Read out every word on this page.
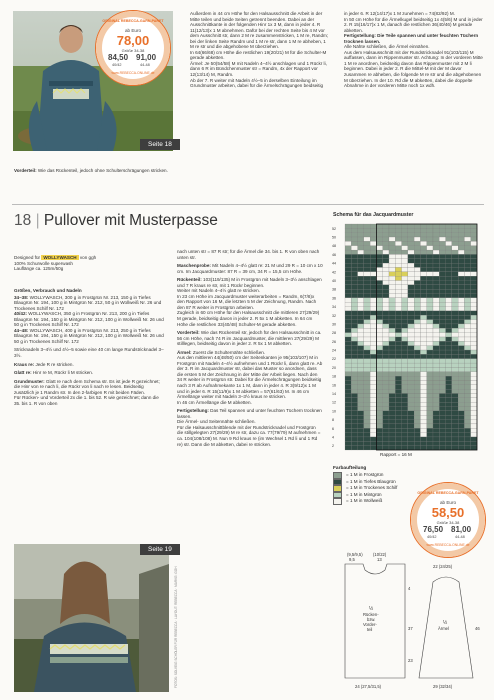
ORIGINAL REBECCA-GARN-PAKET
ab Euro
78,00
Größe 34-38
84,50 91,00
40/42	44-48
www.REBECCA-ONLINE.de
Seite 18

Vorderteil: Wie das Rückenteil, jedoch ohne Schulterschrägungen stricken.

Außerdem in 44 cm Höhe für den Halsausschnitt die Arbeit in der Mitte teilen und beide Seiten getrennt beenden. Dabei an der Ausschnittkante in der folgenden Hinr 1x 3 M, dann in jeder 4. R 11(12/13)x 1 M abnehmen. Dafür bei der rechten Seite bis 4 M vor dem Ausschnitt str, dann 2 M re zusammenstricken, 1 M re, Randm; bei der linken Seite Randm und 1 M re str, dann 1 M re abheben, 1 M re str und die abgehobene M überziehen.

In 64(66/68) cm Höhe die restlichen 19(20/21) M für die Schulter-M gerade abketten.

Ärmel: Je 50(54/58) M mit Nadeln 4–4½ anschlagen und 1 Rückr li, dann 6 R im Bündchenmuster str = Randm, 4x der Rapport vor 12(13/14) M, Randm.

Ab der 7. R weiter mit Nadeln 4½–5 in derselben Einteilung im Grundmuster arbeiten, dabei für die Ärmelschrägungen beidseitig

in jeder 6. R 12(14/17)x 1 M zunehmen = 74(82/92) M.

In 50 cm Höhe für die Ärmelkugel beidseitig 1x 4(5/6) M und in jeder 2. R 15(16/17)x 1 M, danach die restlichen 36(40/46) M gerade abketten.

Fertigstellung: Die Teile spannen und unter feuchten Tüchern trocknen lassen.

Alle Nähte schließen, die Ärmel einnähen.

Aus dem Halsausschnitt mit der Rundstricknadel 91(103/115) M auffassen, dann im Rippenmuster str. Achtung: In der vorderen Mitte 1 M re anordnen, beidseitig davon das Rippenmuster mit 2 M li beginnen. Dabei in jeder 2. R die Mittel-M mit der M davor zusammen re abheben, die folgende M re str und die abgehobenen M überziehen. In der 10. Rd die M abketten, dabei die doppelte Abnahme in der vorderen Mitte noch 1x wdh.

18 | Pullover mit Musterpasse

Designed für WOLLYWASCH von ggh

100% Schurwolle superwash

Lauflänge ca. 125m/50g

Größen, Verbrauch und Nadeln

34–38: WOLLYWASCH, 300 g in Frostgrün Nr. 213, 150 g in Tiefes Blaugrün Nr. 194, 100 g in Mintgrün Nr. 212, 50 g in Wollweiß Nr. 26 und Trockenes Schilf Nr. 172

40/42: WOLLYWASCH, 350 g in Frostgrün Nr. 213, 200 g in Tiefes Blaugrün Nr. 194, 150 g in Mintgrün Nr. 212, 100 g in Wollweiß Nr. 26 und 50 g in Trockenes Schilf Nr. 172

44–48: WOLLYWASCH, 400 g in Frostgrün Nr. 213, 250 g in Tiefes Blaugrün Nr. 194, 150 g in Mintgrün Nr. 212, 100 g in Wollweiß Nr. 26 und 50 g in Trockenes Schilf Nr. 172

Stricknadeln 3–4½ und 4½–5 sowie eine 40 cm lange Rundstricknadel 3–3½.

Kraus re: Jede R re stricken.

Glatt re: Hinr re M, Rückr li M stricken.

Grundmuster: Glatt re nach dem Schema str. Es ist jede R gezeichnet; die Hinr von re nach li, die Rückr von li nach re lesen. Beidseitig zusätzlich je 1 Randm str. In den 2-farbigen R mit beiden Fäden.

Für Rücken- und Vorderteil 2x die 1. bis 52. R wie gezeichnet; dann die 35. bis 1. R von oben

Seite 19
FOTOS: SOLVEIG SCHÖLER FÜR REBECCA · LAYOUT: REBECCA · MARKE: GGH

nach unten str = 87 R str; für die Ärmel die 34. bis 1. R von oben nach unten str.

Maschenprobe: Mit Nadeln 4–4½ glatt re: 21 M und 29 R = 10 cm x 10 cm. Im Jacquardmuster: 87 R = 39 cm, 34 R = 15,5 cm Höhe.

Rückenteil: 103(119/135) M in Frostgrün mit Nadeln 3–3½ anschlagen und 7 R kraus re str, mit 1 Rückr beginnen.

Weiter mit Nadeln 4–4½ glatt re stricken.

In 23 cm Höhe im Jacquardmuster weiterarbeiten = Randm, 6(7/8)x den Rapport von 16 M, die letzten 5 M der Zeichnung, Randm. Nach den 87 R weiter in Frostgrün arbeiten.

Zugleich in 60 cm Höhe für den Halsausschnitt die mittleren 27(29/29) M gerade, beidseitig davon in jeder 2. R 5x 1 M abketten. In 64 cm Höhe die restlichen 33(40/48) Schulter-M gerade abketten.

Vorderteil: Wie das Rückenteil str, jedoch für den Halsausschnitt in ca. 56 cm Höhe, nach 74 R im Jacquardmuster, die mittleren 27(29/29) M stilllegen, beidseitig davon in jeder 2. R 5x 1 M abketten.

Ärmel: Zuerst die Schulternähte schließen.

Aus den mittleren 44(48/50) cm der Seitenkanten je 95(103/107) M in Frostgrün mit Nadeln 4–4½ aufnehmen und 1 Rückr li, dann glatt re. Ab der 3. R im Jacquardmuster str, dabei das Muster so anordnen, dass die ersten 5 M der Zeichnung in der Mitte der Arbeit liegen. Nach den 34 R weiter in Frostgrün str. Dabei für die Ärmelschrägungen beidseitig nach 3 R ab Aufnahmekante 1x 1 M, dann in jeder 4. R 3(9/12)x 1 M und in jeder 6. R 15(11/9)x 1 M abketten = 57(61/63) M. In 46 cm Ärmellänge weiter mit Nadeln 3–3½ kraus re stricken.

In 46 cm Ärmellänge die M abketten.

Fertigstellung: Das Teil spannen und unter feuchten Tüchern trocknen lassen.

Die Ärmel- und Seitennähte schließen.

Für die Halsausschnittblende mit der Rundstricknadel und Frostgrün die stillgelegten 27(29/29) M re str, dazu ca. 77(79/79) M aufnehmen = ca. 104(108/108) M. Nun 9 Rd kraus re (im Wechsel 1 Rd li und 1 Rd re) str. Dann die M abketten, dabei re stricken.

Schema für das Jacquardmuster
52
50
48
46
44
42
40
38
36
34
32
30
28
26
24
22
20
18
16
14
12
10
8
6
4
2
Rapport = 16 M
Farbaufteilung
= 1 M in Frostgrün
= 1 M in Tiefes Blaugrün
= 1 M in Trockenes Schilf
= 1 M in Mintgrün
= 1 M in Wollweiß
ORIGINAL REBECCA-GARN-PAKET
ab Euro
58,50
Größe 34-38
76,50 81,00
40/42	44-48
www.REBECCA-ONLINE.de
(9,5/9,5)
9,5
(10/22)
13
½
Rücken-
bzw.
Vorder-
teil
4
37
23
24 (27,5/31,5)
22 (24/25)
½
Ärmel	46
29 (32/34)
